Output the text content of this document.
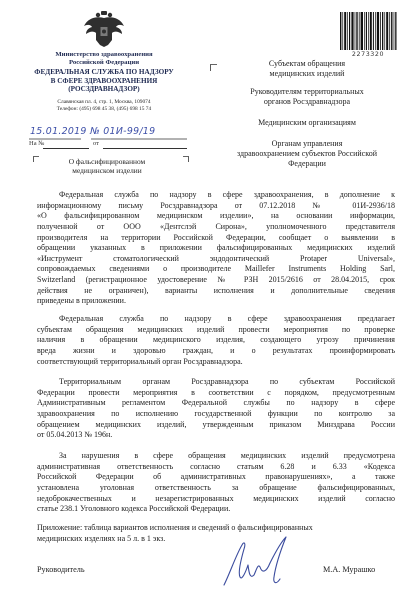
Министерство здравоохранения
Российской Федерации
ФЕДЕРАЛЬНАЯ СЛУЖБА ПО НАДЗОРУ
В СФЕРЕ ЗДРАВООХРАНЕНИЯ
(РОСЗДРАВНАДЗОР)
Славянская пл. 4, стр. 1, Москва, 109074
Телефон: (495) 698 45 38, (495) 698 15 74
15.01.2019 № 01И-99/19
На №	от
О фальсифицированном
медицинском изделии
2273320
Субъектам обращения
медицинских изделий
Руководителям территориальных
органов Росздравнадзора
Медицинским организациям
Органам управления
здравоохранением субъектов Российской
Федерации
Федеральная служба по надзору в сфере здравоохранения, в дополнение к
информационному письму Росздравнадзора от 07.12.2018 № 01И-2936/18
«О фальсифицированном медицинском изделии», на основании информации,
полученной от ООО «Дентслэй Сирона», уполномоченного представителя
производителя на территории Российской Федерации, сообщает о выявлении в
обращении указанных в приложении фальсифицированных медицинских изделий
«Инструмент стоматологический эндодонтический Protaper Universal»,
сопровождаемых сведениями о производителе Maillefer Instruments Holding Sarl,
Switzerland (регистрационное удостоверение № РЗН 2015/2616 от 28.04.2015, срок
действия не ограничен), варианты исполнения и дополнительные сведения
приведены в приложении.
Федеральная служба по надзору в сфере здравоохранения предлагает
субъектам обращения медицинских изделий провести мероприятия по проверке
наличия в обращении медицинского изделия, создающего угрозу причинения
вреда жизни и здоровью граждан, и о результатах проинформировать
соответствующий территориальный орган Росздравнадзора.
Территориальным органам Росздравнадзора по субъектам Российской
Федерации провести мероприятия в соответствии с порядком, предусмотренным
Административным регламентом Федеральной службы по надзору в сфере
здравоохранения по исполнению государственной функции по контролю за
обращением медицинских изделий, утвержденным приказом Минздрава России
от 05.04.2013 № 196н.
За нарушения в сфере обращения медицинских изделий предусмотрена
административная ответственность согласно статьям 6.28 и 6.33 «Кодекса
Российской Федерации об административных правонарушениях», а также
установлена уголовная ответственность за обращение фальсифицированных,
недоброкачественных и незарегистрированных медицинских изделий согласно
статье 238.1 Уголовного кодекса Российской Федерации.
Приложение: таблица вариантов исполнения и сведений о фальсифицированных
медицинских изделиях на 5 л. в 1 экз.
Руководитель	М.А. Мурашко
